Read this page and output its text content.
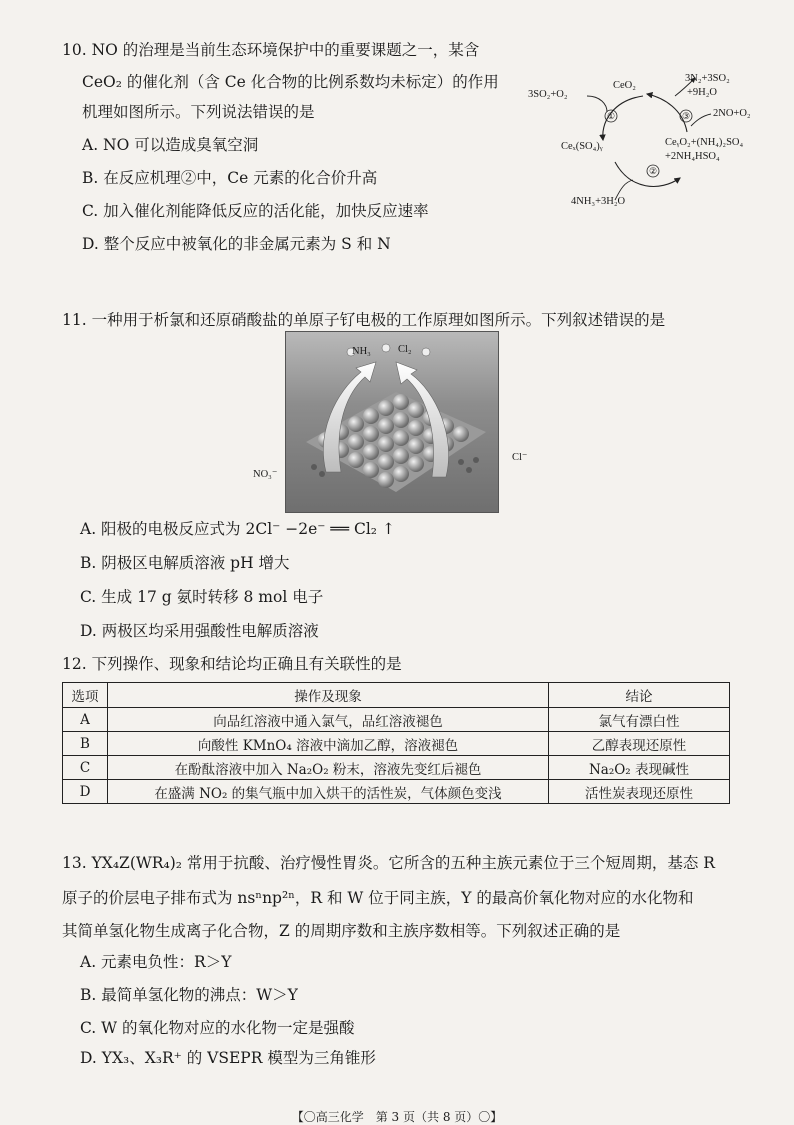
10. NO 的治理是当前生态环境保护中的重要课题之一，某含
CeO₂ 的催化剂（含 Ce 化合物的比例系数均未标定）的作用
机理如图所示。下列说法错误的是
A. NO 可以造成臭氧空洞
B. 在反应机理②中，Ce 元素的化合价升高
C. 加入催化剂能降低反应的活化能，加快反应速率
D. 整个反应中被氧化的非金属元素为 S 和 N
CeO₂
3SO₂+O₂
Ceₓ(SO₄)ᵧ	CeᵧO₂+(NH₄)₂SO₄
+2NH₄HSO₄
4NH₃+3H₂O
3N₂+3SO₂
+9H₂O
2NO+O₂
①
②
③
11. 一种用于析氯和还原硝酸盐的单原子钌电极的工作原理如图所示。下列叙述错误的是
NH₃	Cl₂
NO₃⁻
Cl⁻
A. 阳极的电极反应式为 2Cl⁻ −2e⁻ ══ Cl₂ ↑
B. 阴极区电解质溶液 pH 增大
C. 生成 17 g 氨时转移 8 mol 电子
D. 两极区均采用强酸性电解质溶液
12. 下列操作、现象和结论均正确且有关联性的是
选项	操作及现象	结论
A	向品红溶液中通入氯气，品红溶液褪色	氯气有漂白性
B	向酸性 KMnO₄ 溶液中滴加乙醇，溶液褪色	乙醇表现还原性
C	在酚酞溶液中加入 Na₂O₂ 粉末，溶液先变红后褪色	Na₂O₂ 表现碱性
D	在盛满 NO₂ 的集气瓶中加入烘干的活性炭，气体颜色变浅	活性炭表现还原性
13. YX₄Z(WR₄)₂ 常用于抗酸、治疗慢性胃炎。它所含的五种主族元素位于三个短周期，基态 R
原子的价层电子排布式为 nsⁿnp²ⁿ，R 和 W 位于同主族，Y 的最高价氧化物对应的水化物和
其简单氢化物生成离子化合物，Z 的周期序数和主族序数相等。下列叙述正确的是
A. 元素电负性：R＞Y
B. 最简单氢化物的沸点：W＞Y
C. W 的氧化物对应的水化物一定是强酸
D. YX₃、X₃R⁺ 的 VSEPR 模型为三角锥形
【〇高三化学　第 3 页（共 8 页）〇】
